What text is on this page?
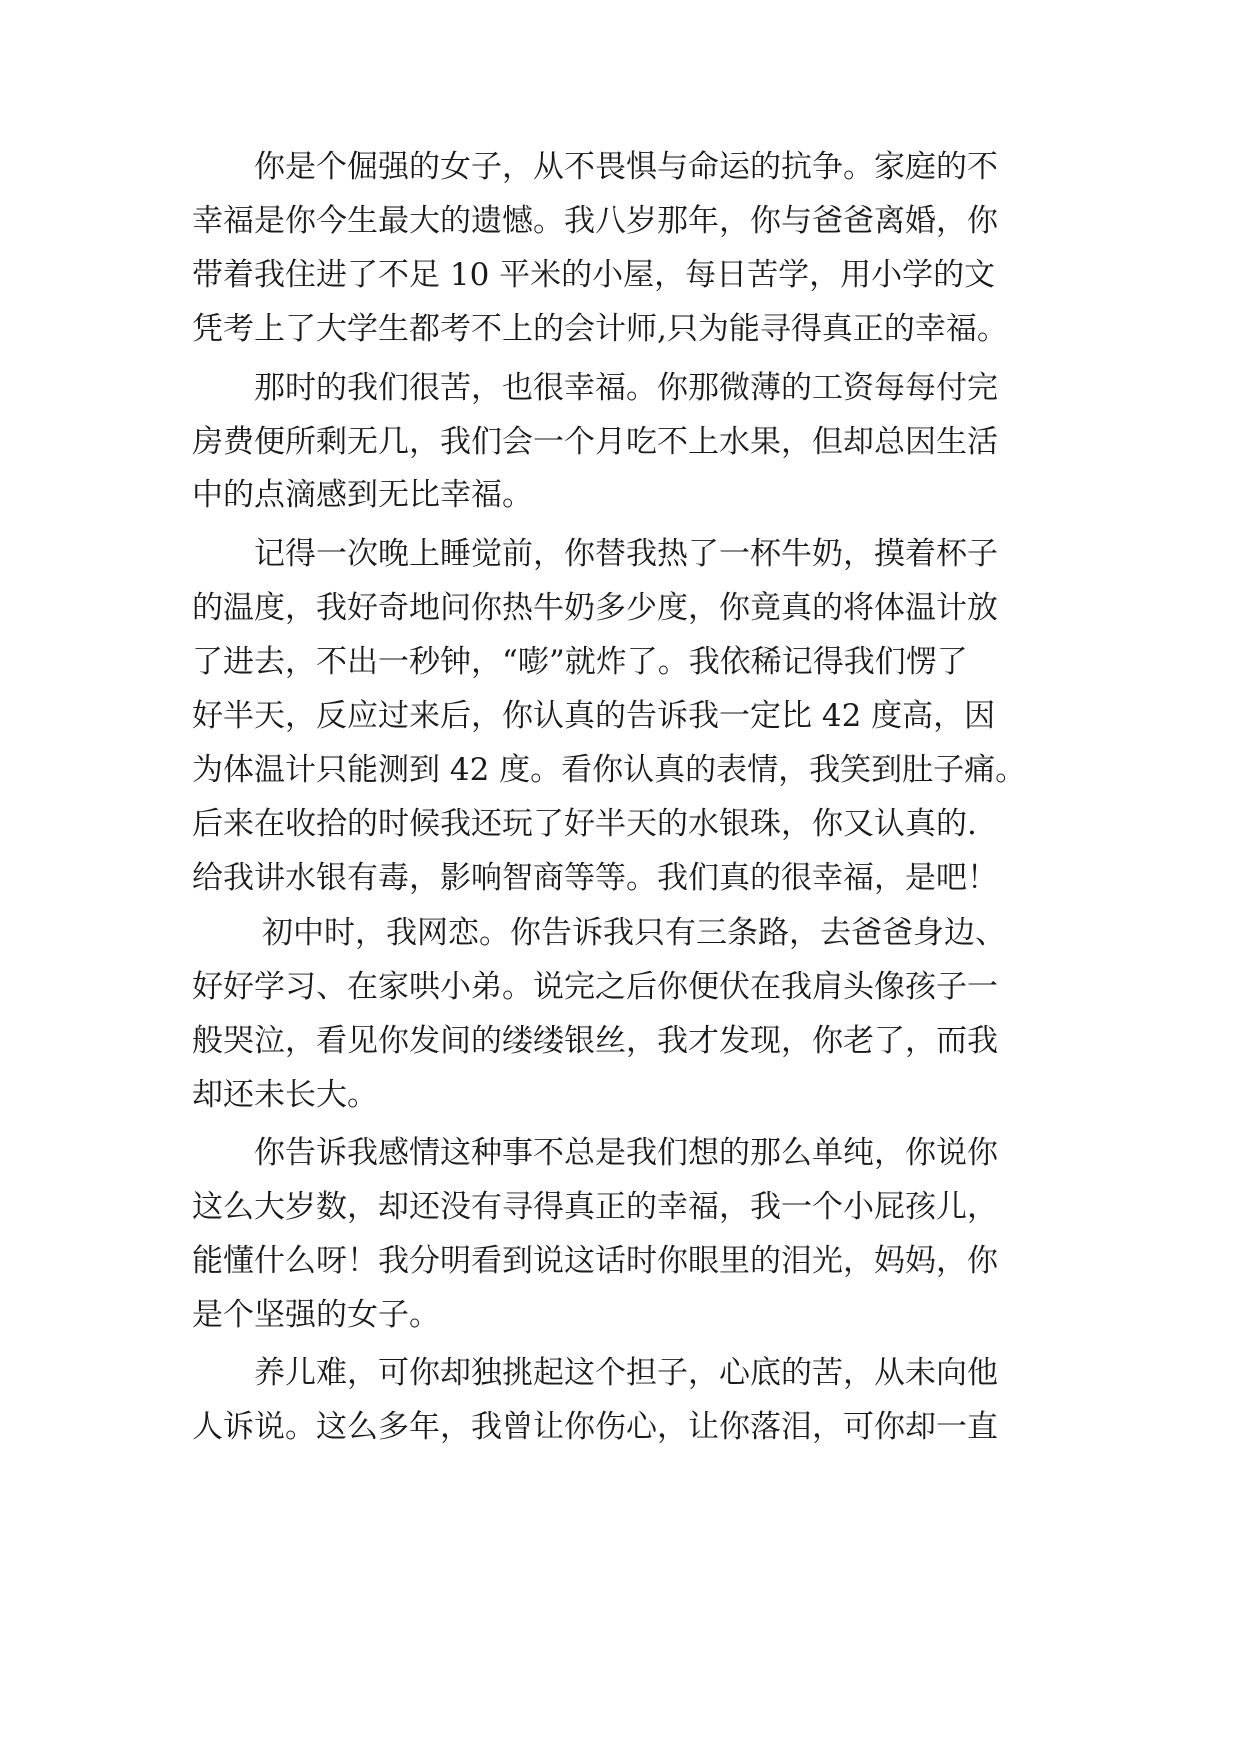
你是个倔强的女子，从不畏惧与命运的抗争。家庭的不
幸福是你今生最大的遗憾。我八岁那年，你与爸爸离婚，你
带着我住进了不足 10 平米的小屋，每日苦学，用小学的文
凭考上了大学生都考不上的会计师,只为能寻得真正的幸福。
那时的我们很苦，也很幸福。你那微薄的工资每每付完
房费便所剩无几，我们会一个月吃不上水果，但却总因生活
中的点滴感到无比幸福。
记得一次晚上睡觉前，你替我热了一杯牛奶，摸着杯子
的温度，我好奇地问你热牛奶多少度，你竟真的将体温计放
了进去，不出一秒钟，“嘭”就炸了。我依稀记得我们愣了
好半天，反应过来后，你认真的告诉我一定比 42 度高，因
为体温计只能测到 42 度。看你认真的表情，我笑到肚子痛。
后来在收拾的时候我还玩了好半天的水银珠，你又认真的.
给我讲水银有毒，影响智商等等。我们真的很幸福，是吧！
初中时，我网恋。你告诉我只有三条路，去爸爸身边、
好好学习、在家哄小弟。说完之后你便伏在我肩头像孩子一
般哭泣，看见你发间的缕缕银丝，我才发现，你老了，而我
却还未长大。
你告诉我感情这种事不总是我们想的那么单纯，你说你
这么大岁数，却还没有寻得真正的幸福，我一个小屁孩儿，
能懂什么呀！我分明看到说这话时你眼里的泪光，妈妈，你
是个坚强的女子。
养儿难，可你却独挑起这个担子，心底的苦，从未向他
人诉说。这么多年，我曾让你伤心，让你落泪，可你却一直
